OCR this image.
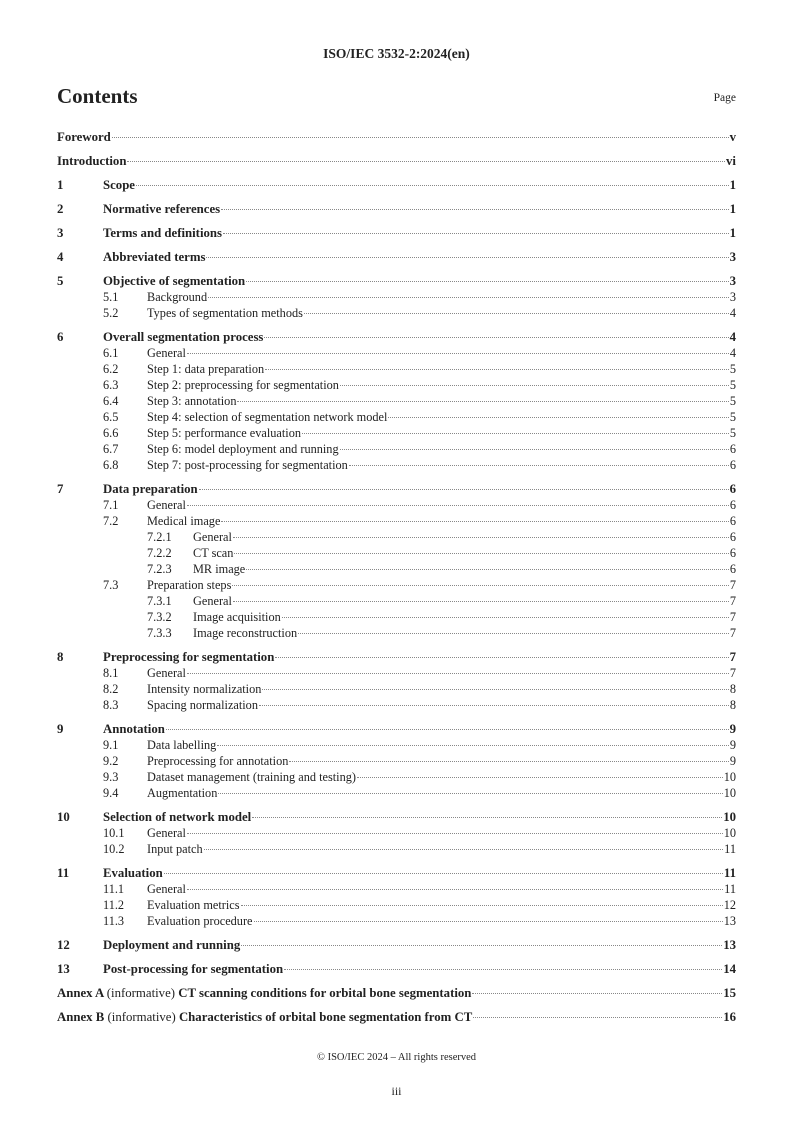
ISO/IEC 3532-2:2024(en)
Contents	Page
Foreword	v
Introduction	vi
1	Scope	1
2	Normative references	1
3	Terms and definitions	1
4	Abbreviated terms	3
5	Objective of segmentation	3
5.1	Background	3
5.2	Types of segmentation methods	4
6	Overall segmentation process	4
6.1	General	4
6.2	Step 1: data preparation	5
6.3	Step 2: preprocessing for segmentation	5
6.4	Step 3: annotation	5
6.5	Step 4: selection of segmentation network model	5
6.6	Step 5: performance evaluation	5
6.7	Step 6: model deployment and running	6
6.8	Step 7: post-processing for segmentation	6
7	Data preparation	6
7.1	General	6
7.2	Medical image	6
7.2.1	General	6
7.2.2	CT scan	6
7.2.3	MR image	6
7.3	Preparation steps	7
7.3.1	General	7
7.3.2	Image acquisition	7
7.3.3	Image reconstruction	7
8	Preprocessing for segmentation	7
8.1	General	7
8.2	Intensity normalization	8
8.3	Spacing normalization	8
9	Annotation	9
9.1	Data labelling	9
9.2	Preprocessing for annotation	9
9.3	Dataset management (training and testing)	10
9.4	Augmentation	10
10	Selection of network model	10
10.1	General	10
10.2	Input patch	11
11	Evaluation	11
11.1	General	11
11.2	Evaluation metrics	12
11.3	Evaluation procedure	13
12	Deployment and running	13
13	Post-processing for segmentation	14
Annex A (informative) CT scanning conditions for orbital bone segmentation	15
Annex B (informative) Characteristics of orbital bone segmentation from CT	16
© ISO/IEC 2024 – All rights reserved
iii
